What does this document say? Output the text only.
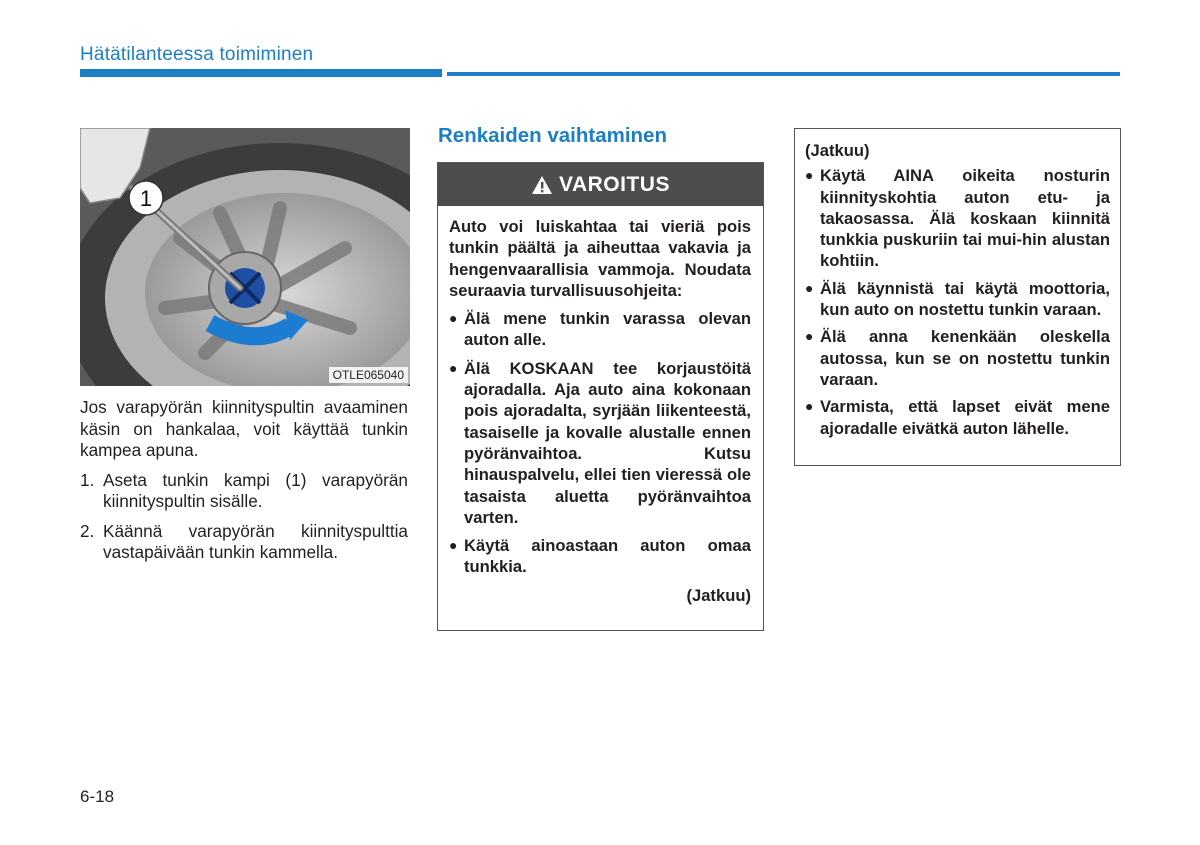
Hätätilanteessa toimiminen
1
OTLE065040

Jos varapyörän kiinnityspultin avaaminen käsin on hankalaa, voit käyttää tunkin kampea apuna.

1. Aseta tunkin kampi (1) varapyörän kiinnityspultin sisälle.
2. Käännä varapyörän kiinnityspulttia vastapäivään tunkin kammella.
Renkaiden vaihtaminen
VAROITUS

Auto voi luiskahtaa tai vieriä pois tunkin päältä ja aiheuttaa vakavia ja hengenvaarallisia vammoja. Noudata seuraavia turvallisuusohjeita:

● Älä mene tunkin varassa olevan auton alle.
● Älä KOSKAAN tee korjaustöitä ajoradalla. Aja auto aina kokonaan pois ajoradalta, syrjään liikenteestä, tasaiselle ja kovalle alustalle ennen pyöränvaihtoa. Kutsu hinauspalvelu, ellei tien vieressä ole tasaista aluetta pyöränvaihtoa varten.
● Käytä ainoastaan auton omaa tunkkia.
(Jatkuu)
(Jatkuu)
● Käytä AINA oikeita nosturin kiinnityskohtia auton etu- ja takaosassa. Älä koskaan kiinnitä tunkkia puskuriin tai mui-hin alustan kohtiin.
● Älä käynnistä tai käytä moottoria, kun auto on nostettu tunkin varaan.
● Älä anna kenenkään oleskella autossa, kun se on nostettu tunkin varaan.
● Varmista, että lapset eivät mene ajoradalle eivätkä auton lähelle.
6-18
